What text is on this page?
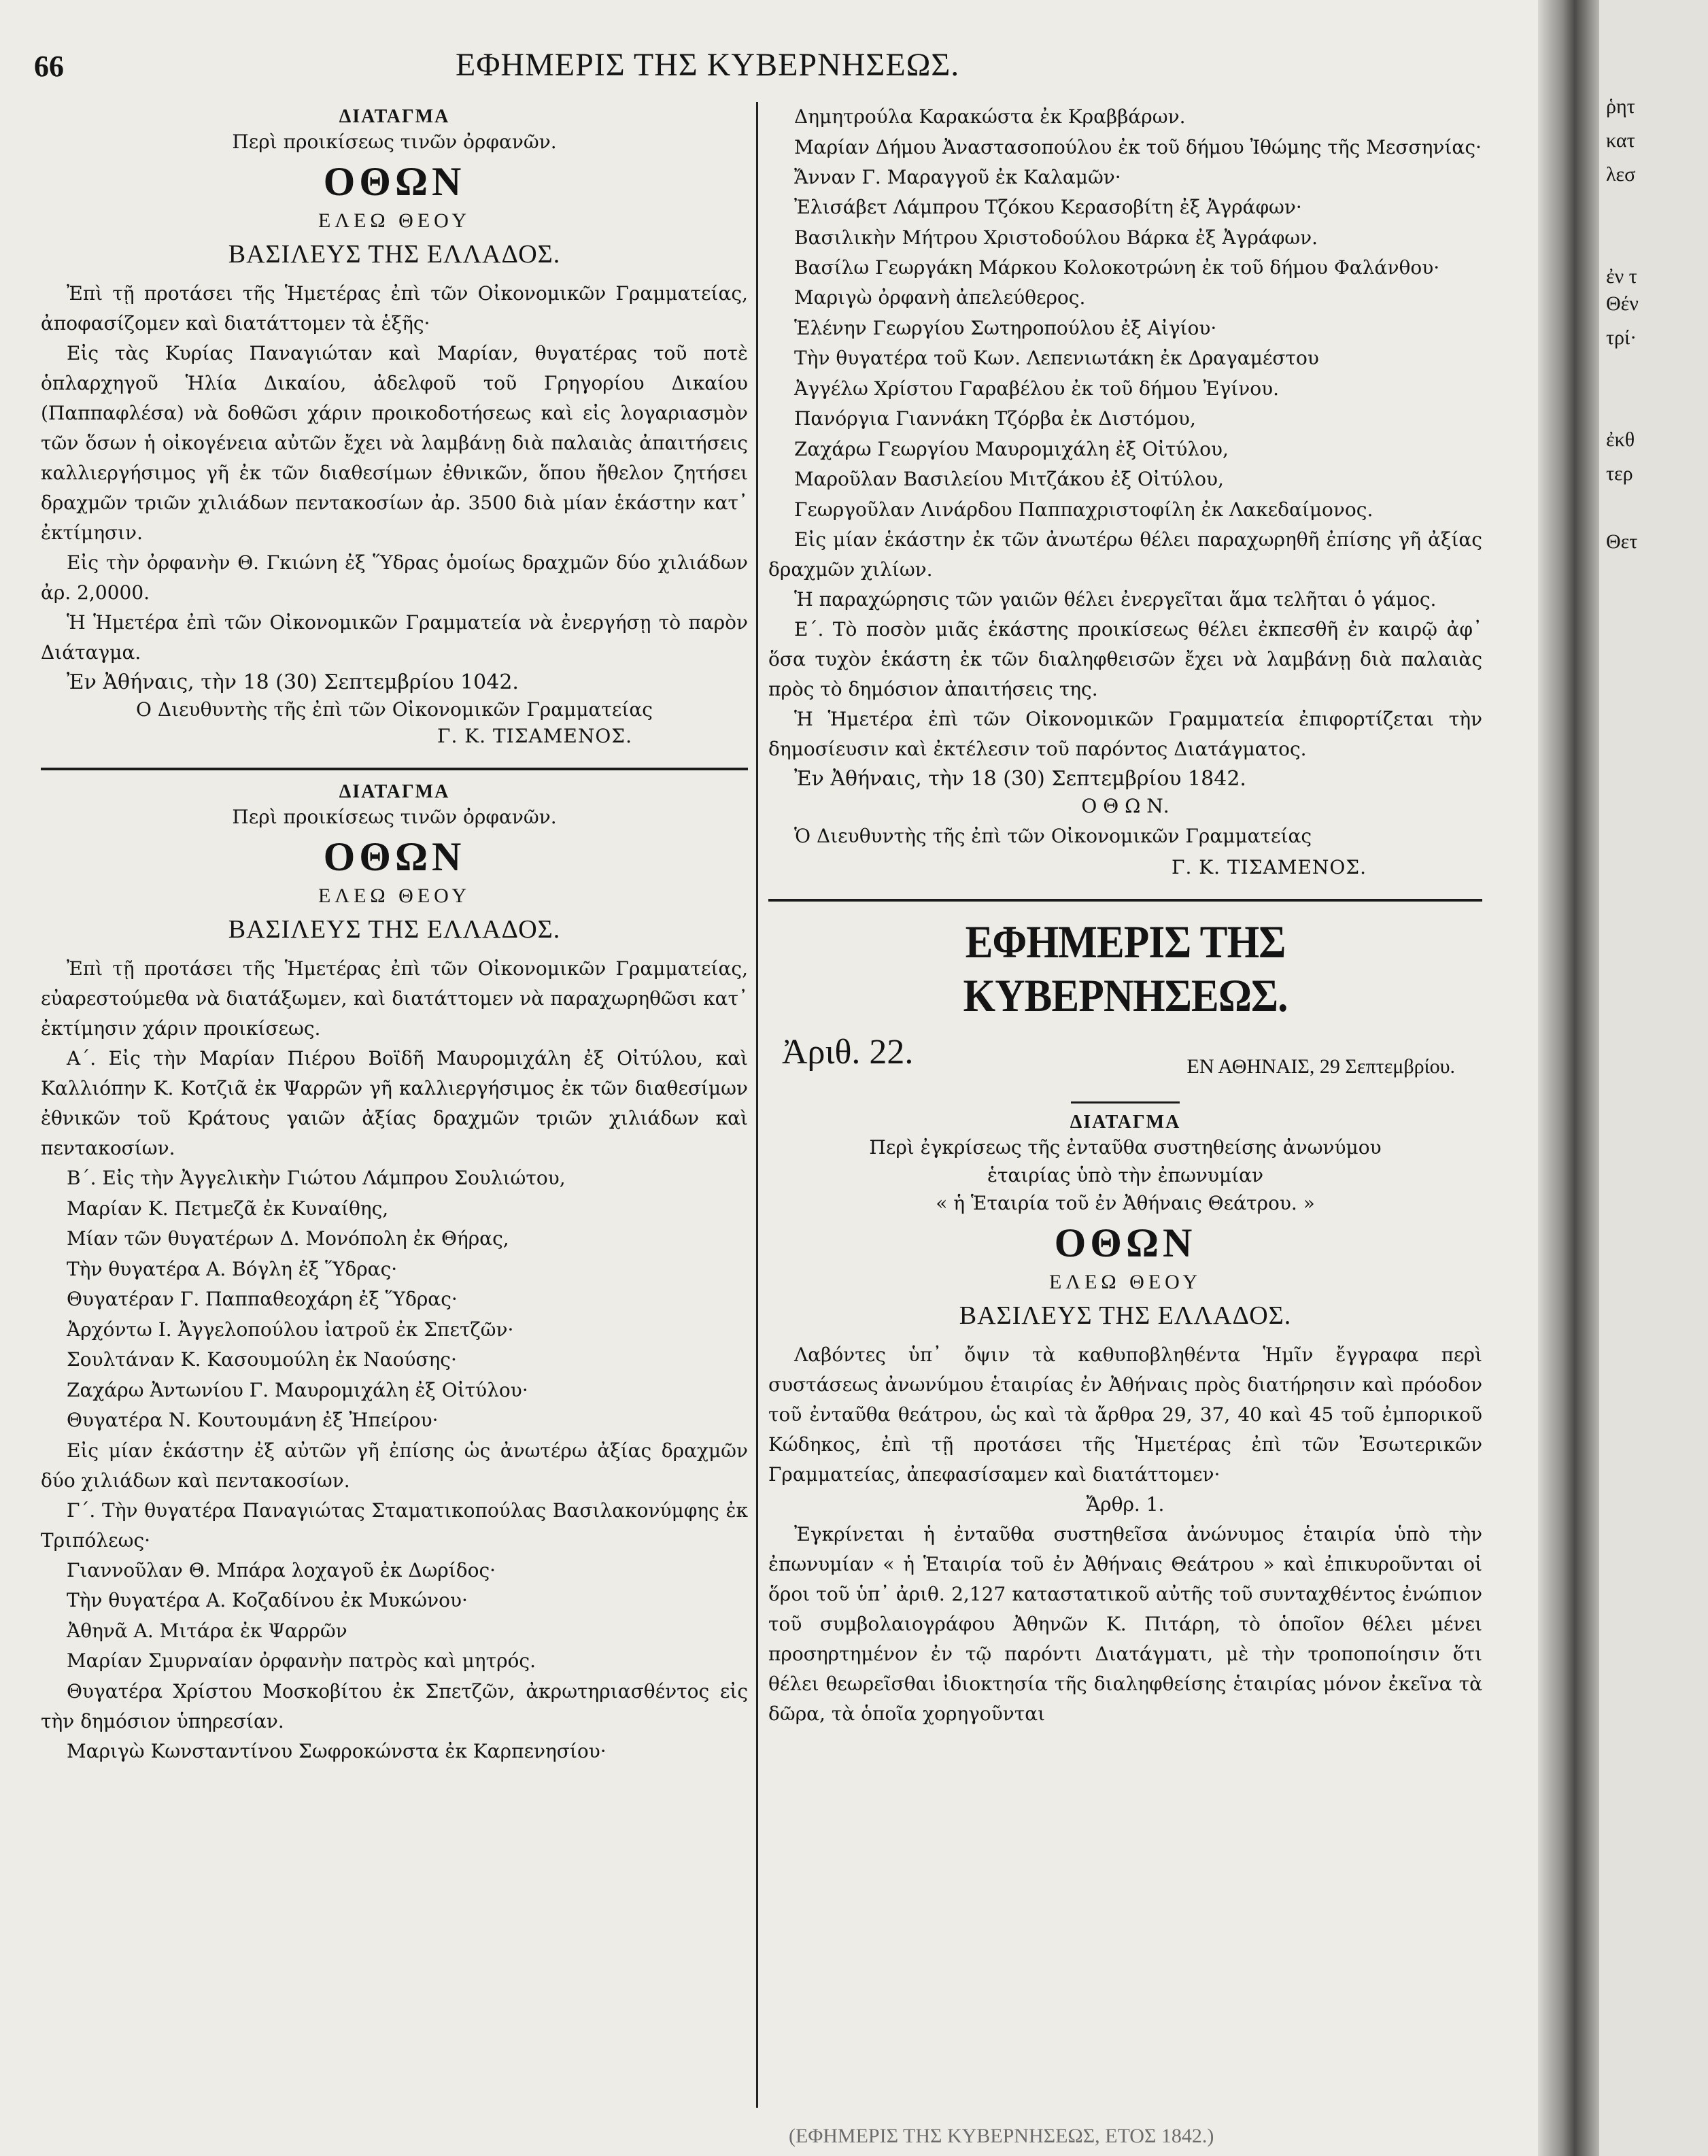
66	ΕΦΗΜΕΡΙΣ ΤΗΣ ΚΥΒΕΡΝΗΣΕΩΣ.
ΔΙΑΤΑΓΜΑ
Περὶ προικίσεως τινῶν ὀρφανῶν.
ΟΘΩΝ
ΕΛΕΩ ΘΕΟΥ
ΒΑΣΙΛΕΥΣ ΤΗΣ ΕΛΛΑΔΟΣ.

Ἐπὶ τῇ προτάσει τῆς Ἡμετέρας ἐπὶ τῶν Οἰκονομικῶν Γραμματείας, ἀποφασίζομεν καὶ διατάττομεν τὰ ἑξῆς·

Εἰς τὰς Κυρίας Παναγιώταν καὶ Μαρίαν, θυγατέρας τοῦ ποτὲ ὁπλαρχηγοῦ Ἡλία Δικαίου, ἀδελφοῦ τοῦ Γρηγορίου Δικαίου (Παππαφλέσα) νὰ δοθῶσι χάριν προικοδοτήσεως καὶ εἰς λογαριασμὸν τῶν ὅσων ἡ οἰκογένεια αὐτῶν ἔχει νὰ λαμβάνῃ διὰ παλαιὰς ἀπαιτήσεις καλλιεργήσιμος γῆ ἐκ τῶν διαθεσίμων ἐθνικῶν, ὅπου ἤθελον ζητήσει δραχμῶν τριῶν χιλιάδων πεντακοσίων ἀρ. 3500 διὰ μίαν ἑκάστην κατ᾽ ἐκτίμησιν.

Εἰς τὴν ὀρφανὴν Θ. Γκιώνη ἐξ Ὕδρας ὁμοίως δραχμῶν δύο χιλιάδων ἀρ. 2,0000.

Ἡ Ἡμετέρα ἐπὶ τῶν Οἰκονομικῶν Γραμματεία νὰ ἐνεργήσῃ τὸ παρὸν Διάταγμα.

Ἐν Ἀθήναις, τὴν 18 (30) Σεπτεμβρίου 1042.
Ο Διευθυντὴς τῆς ἐπὶ τῶν Οἰκονομικῶν Γραμματείας
Γ. Κ. ΤΙΣΑΜΕΝΟΣ.
ΔΙΑΤΑΓΜΑ
Περὶ προικίσεως τινῶν ὀρφανῶν.
ΟΘΩΝ
ΕΛΕΩ ΘΕΟΥ
ΒΑΣΙΛΕΥΣ ΤΗΣ ΕΛΛΑΔΟΣ.

Ἐπὶ τῇ προτάσει τῆς Ἡμετέρας ἐπὶ τῶν Οἰκονομικῶν Γραμματείας, εὐαρεστούμεθα νὰ διατάξωμεν, καὶ διατάττομεν νὰ παραχωρηθῶσι κατ᾽ ἐκτίμησιν χάριν προικίσεως.

Α΄. Εἰς τὴν Μαρίαν Πιέρου Βοϊδῆ Μαυρομιχάλη ἐξ Οἰτύλου, καὶ Καλλιόπην Κ. Κοτζιᾶ ἐκ Ψαρρῶν γῆ καλλιεργήσιμος ἐκ τῶν διαθεσίμων ἐθνικῶν τοῦ Κράτους γαιῶν ἀξίας δραχμῶν τριῶν χιλιάδων καὶ πεντακοσίων.

Β΄. Εἰς τὴν Ἀγγελικὴν Γιώτου Λάμπρου Σουλιώτου,
Μαρίαν Κ. Πετμεζᾶ ἐκ Κυναίθης,
Μίαν τῶν θυγατέρων Δ. Μονόπολη ἐκ Θήρας,
Τὴν θυγατέρα Α. Βόγλη ἐξ Ὕδρας·
Θυγατέραν Γ. Παππαθεοχάρη ἐξ Ὕδρας·
Ἀρχόντω Ι. Ἀγγελοπούλου ἰατροῦ ἐκ Σπετζῶν·
Σουλτάναν Κ. Κασουμούλη ἐκ Ναούσης·
Ζαχάρω Ἀντωνίου Γ. Μαυρομιχάλη ἐξ Οἰτύλου·
Θυγατέρα Ν. Κουτουμάνη ἐξ Ἠπείρου·

Εἰς μίαν ἑκάστην ἐξ αὐτῶν γῆ ἐπίσης ὡς ἀνωτέρω ἀξίας δραχμῶν δύο χιλιάδων καὶ πεντακοσίων.

Γ΄. Τὴν θυγατέρα Παναγιώτας Σταματικοπούλας Βασιλακονύμφης ἐκ Τριπόλεως·

Γιαννοῦλαν Θ. Μπάρα λοχαγοῦ ἐκ Δωρίδος·
Τὴν θυγατέρα Α. Κοζαδίνου ἐκ Μυκώνου·
Ἀθηνᾶ Α. Μιτάρα ἐκ Ψαρρῶν
Μαρίαν Σμυρναίαν ὀρφανὴν πατρὸς καὶ μητρός.

Θυγατέρα Χρίστου Μοσκοβίτου ἐκ Σπετζῶν, ἀκρωτηριασθέντος εἰς τὴν δημόσιον ὑπηρεσίαν.

Μαριγὼ Κωνσταντίνου Σωφροκώνστα ἐκ Καρπενησίου·
Δημητρούλα Καρακώστα ἐκ Κραββάρων.

Μαρίαν Δήμου Ἀναστασοπούλου ἐκ τοῦ δήμου Ἰθώμης τῆς Μεσσηνίας·

Ἄνναν Γ. Μαραγγοῦ ἐκ Καλαμῶν·
Ἐλισάβετ Λάμπρου Τζόκου Κερασοβίτη ἐξ Ἀγράφων·
Βασιλικὴν Μήτρου Χριστοδούλου Βάρκα ἐξ Ἀγράφων.

Βασίλω Γεωργάκη Μάρκου Κολοκοτρώνη ἐκ τοῦ δήμου Φαλάνθου·

Μαριγὼ ὀρφανὴ ἀπελεύθερος.
Ἑλένην Γεωργίου Σωτηροπούλου ἐξ Αἰγίου·
Τὴν θυγατέρα τοῦ Κων. Λεπενιωτάκη ἐκ Δραγαμέστου
Ἀγγέλω Χρίστου Γαραβέλου ἐκ τοῦ δήμου Ἐγίνου.
Πανόργια Γιαννάκη Τζόρβα ἐκ Διστόμου,
Ζαχάρω Γεωργίου Μαυρομιχάλη ἐξ Οἰτύλου,
Μαροῦλαν Βασιλείου Μιτζάκου ἐξ Οἰτύλου,
Γεωργοῦλαν Λινάρδου Παππαχριστοφίλη ἐκ Λακεδαίμονος.

Εἰς μίαν ἑκάστην ἐκ τῶν ἀνωτέρω θέλει παραχωρηθῆ ἐπίσης γῆ ἀξίας δραχμῶν χιλίων.

Ἡ παραχώρησις τῶν γαιῶν θέλει ἐνεργεῖται ἅμα τελῆται ὁ γάμος.

Ε΄. Τὸ ποσὸν μιᾶς ἑκάστης προικίσεως θέλει ἐκπεσθῆ ἐν καιρῷ ἀφ᾽ ὅσα τυχὸν ἑκάστη ἐκ τῶν διαληφθεισῶν ἔχει νὰ λαμβάνῃ διὰ παλαιὰς πρὸς τὸ δημόσιον ἀπαιτήσεις της.

Ἡ Ἡμετέρα ἐπὶ τῶν Οἰκονομικῶν Γραμματεία ἐπιφορτίζεται τὴν δημοσίευσιν καὶ ἐκτέλεσιν τοῦ παρόντος Διατάγματος.

Ἐν Ἀθήναις, τὴν 18 (30) Σεπτεμβρίου 1842.
Ο Θ Ω Ν.
Ὁ Διευθυντὴς τῆς ἐπὶ τῶν Οἰκονομικῶν Γραμματείας
Γ. Κ. ΤΙΣΑΜΕΝΟΣ.
ΕΦΗΜΕΡΙΣ ΤΗΣ ΚΥΒΕΡΝΗΣΕΩΣ.
Ἀριθ. 22.	ΕΝ ΑΘΗΝΑΙΣ, 29 Σεπτεμβρίου.
ΔΙΑΤΑΓΜΑ
Περὶ ἐγκρίσεως τῆς ἐνταῦθα συστηθείσης ἀνωνύμου
ἑταιρίας ὑπὸ τὴν ἐπωνυμίαν
« ἡ Ἑταιρία τοῦ ἐν Ἀθήναις Θεάτρου. »
ΟΘΩΝ
ΕΛΕΩ ΘΕΟΥ
ΒΑΣΙΛΕΥΣ ΤΗΣ ΕΛΛΑΔΟΣ.

Λαβόντες ὑπ᾽ ὄψιν τὰ καθυποβληθέντα Ἡμῖν ἔγγραφα περὶ συστάσεως ἀνωνύμου ἑταιρίας ἐν Ἀθήναις πρὸς διατήρησιν καὶ πρόοδον τοῦ ἐνταῦθα θεάτρου, ὡς καὶ τὰ ἄρθρα 29, 37, 40 καὶ 45 τοῦ ἐμπορικοῦ Κώδηκος, ἐπὶ τῇ προτάσει τῆς Ἡμετέρας ἐπὶ τῶν Ἐσωτερικῶν Γραμματείας, ἀπεφασίσαμεν καὶ διατάττομεν·

Ἄρθρ. 1.

Ἐγκρίνεται ἡ ἐνταῦθα συστηθεῖσα ἀνώνυμος ἑταιρία ὑπὸ τὴν ἐπωνυμίαν « ἡ Ἑταιρία τοῦ ἐν Ἀθήναις Θεάτρου » καὶ ἐπικυροῦνται οἱ ὅροι τοῦ ὑπ᾽ ἀριθ. 2,127 καταστατικοῦ αὐτῆς τοῦ συνταχθέντος ἐνώπιον τοῦ συμβολαιογράφου Ἀθηνῶν Κ. Πιτάρη, τὸ ὁποῖον θέλει μένει προσηρτημένον ἐν τῷ παρόντι Διατάγματι, μὲ τὴν τροποποίησιν ὅτι θέλει θεωρεῖσθαι ἰδιοκτησία τῆς διαληφθείσης ἑταιρίας μόνον ἐκεῖνα τὰ δῶρα, τὰ ὁποῖα χορηγοῦνται

(ΕΦΗΜΕΡΙΣ ΤΗΣ ΚΥΒΕΡΝΗΣΕΩΣ, ΕΤΟΣ 1842.)
ῥητ
κατ
λεσ
ἐν τ
Θέν
τρί·
ἐκθ
τερ
Θετ
